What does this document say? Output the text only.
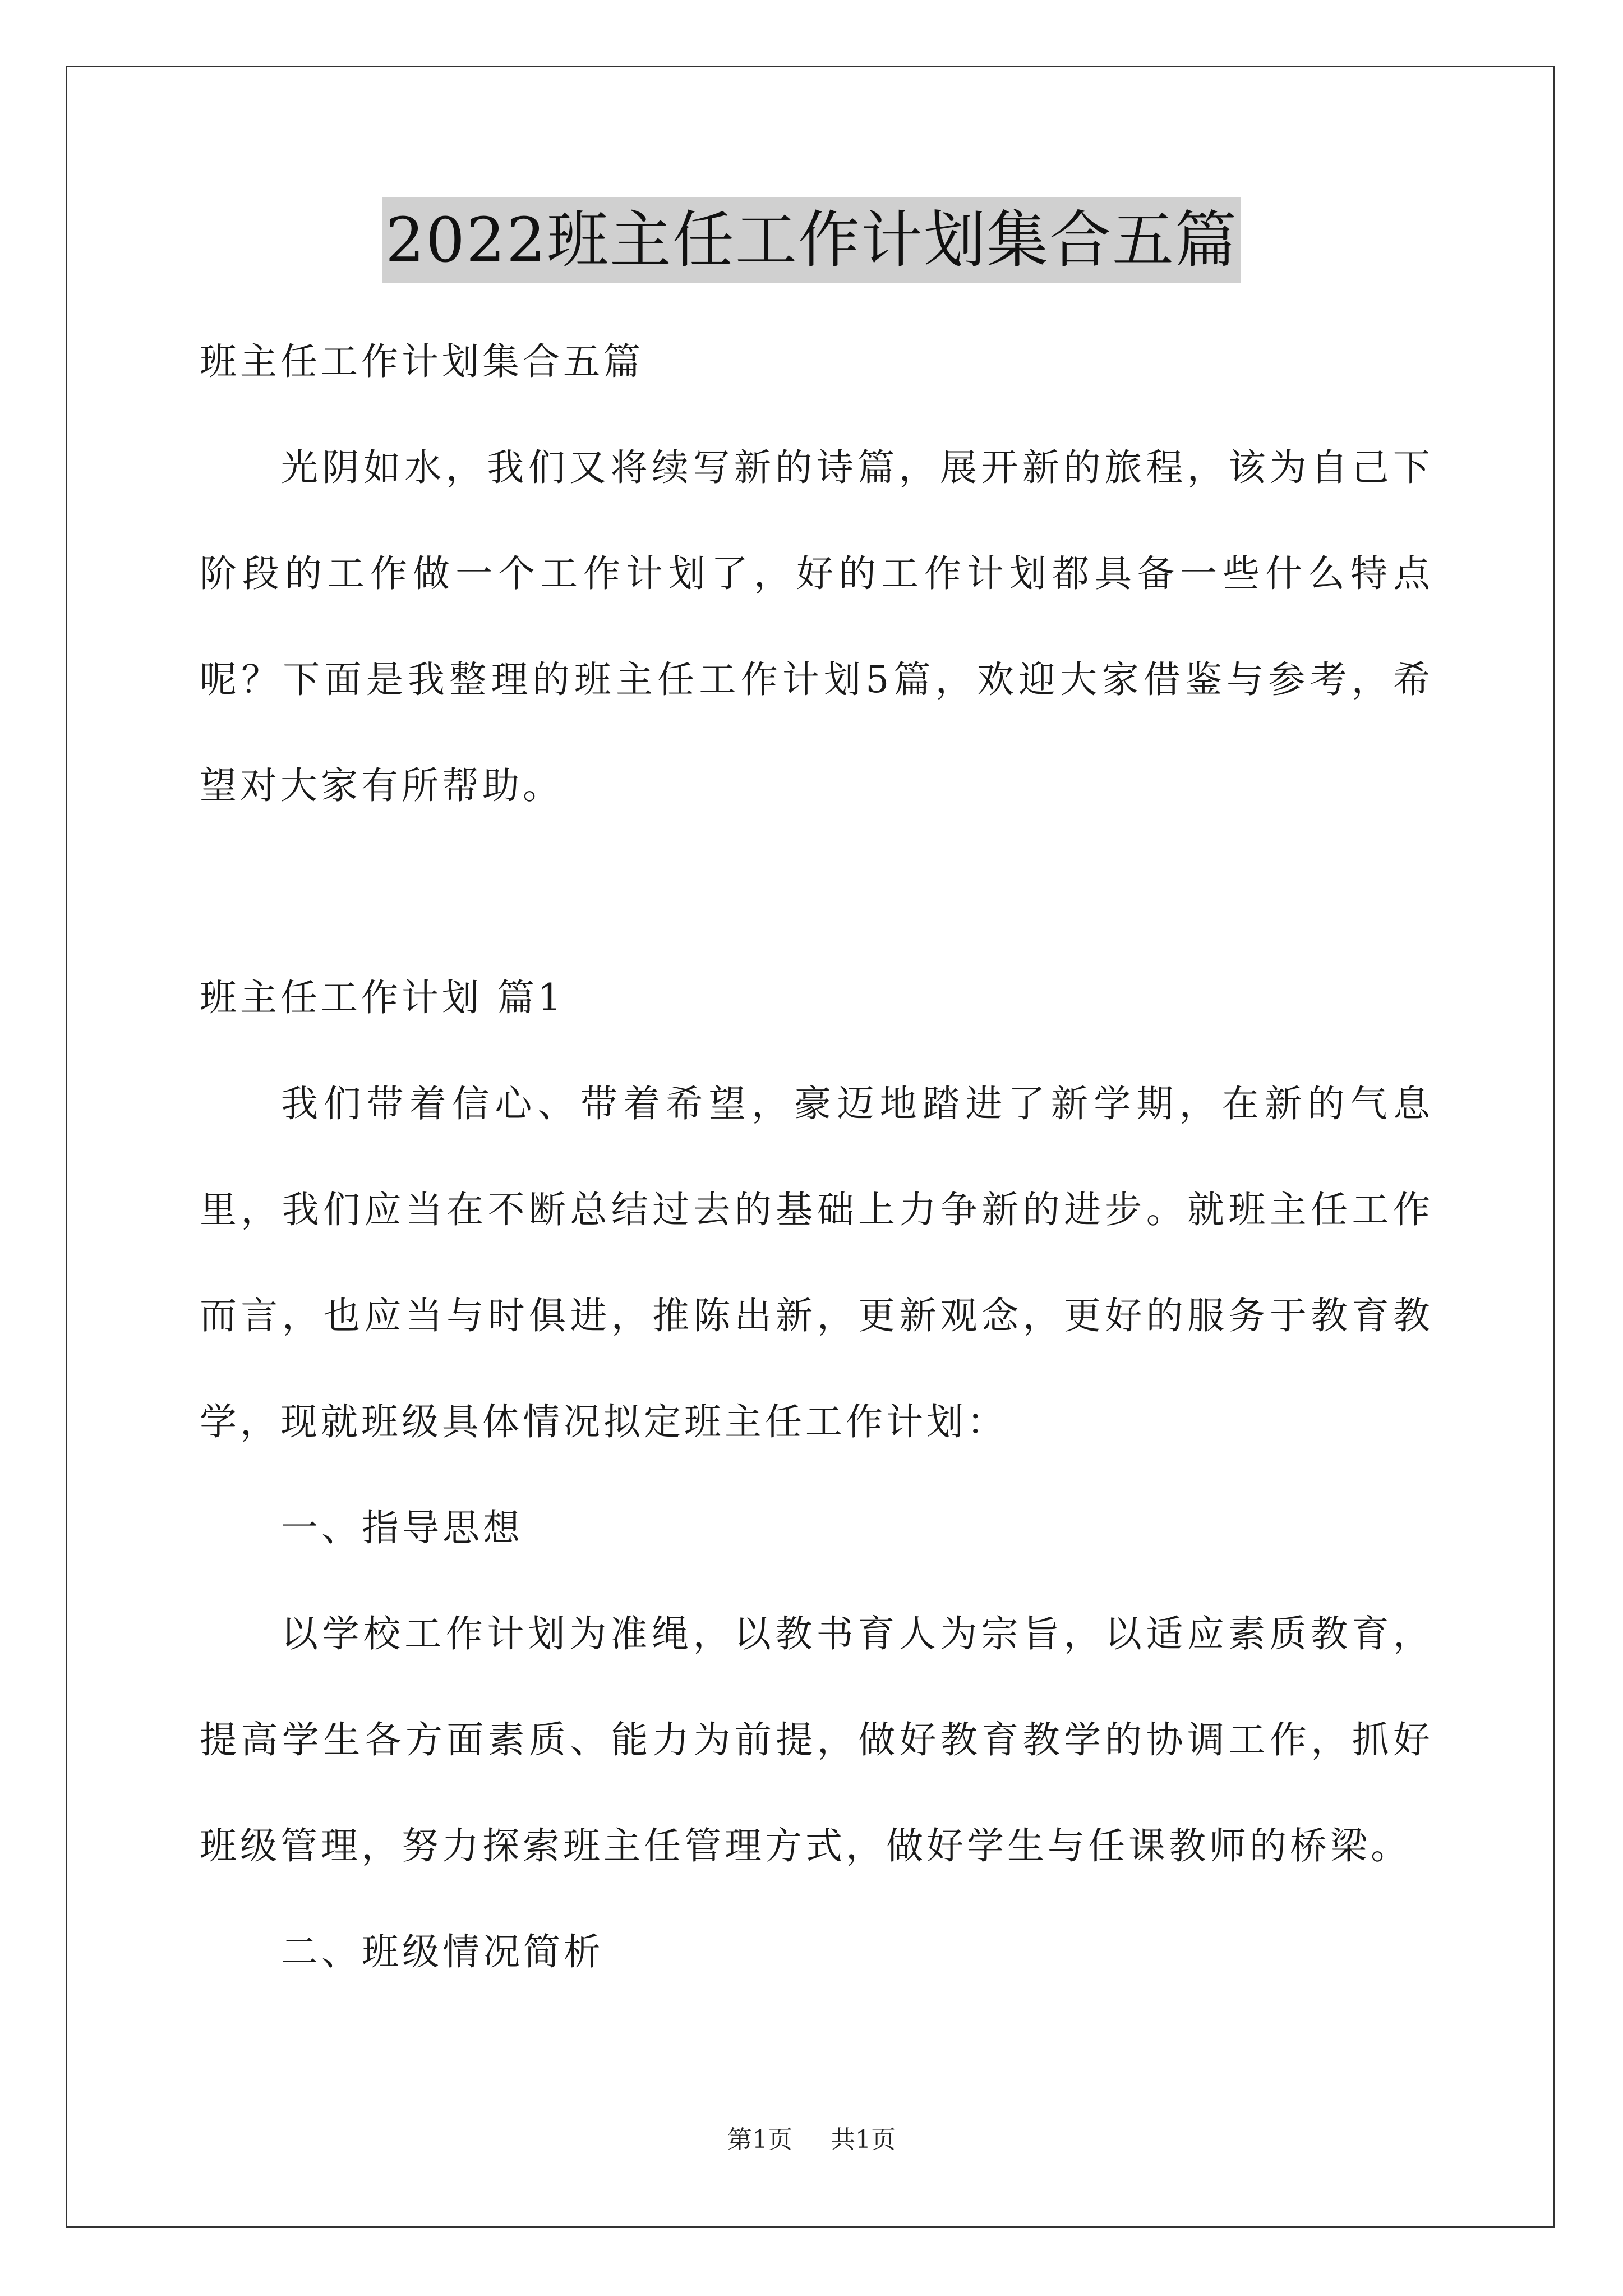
2022班主任工作计划集合五篇

班主任工作计划集合五篇

光阴如水，我们又将续写新的诗篇，展开新的旅程，该为自己下阶段的工作做一个工作计划了，好的工作计划都具备一些什么特点呢？下面是我整理的班主任工作计划5篇，欢迎大家借鉴与参考，希望对大家有所帮助。

班主任工作计划 篇1

我们带着信心、带着希望，豪迈地踏进了新学期，在新的气息里，我们应当在不断总结过去的基础上力争新的进步。就班主任工作而言，也应当与时俱进，推陈出新，更新观念，更好的服务于教育教学，现就班级具体情况拟定班主任工作计划：

一、指导思想

以学校工作计划为准绳，以教书育人为宗旨，以适应素质教育，提高学生各方面素质、能力为前提，做好教育教学的协调工作，抓好班级管理，努力探索班主任管理方式，做好学生与任课教师的桥梁。

二、班级情况简析

第1页 共1页
